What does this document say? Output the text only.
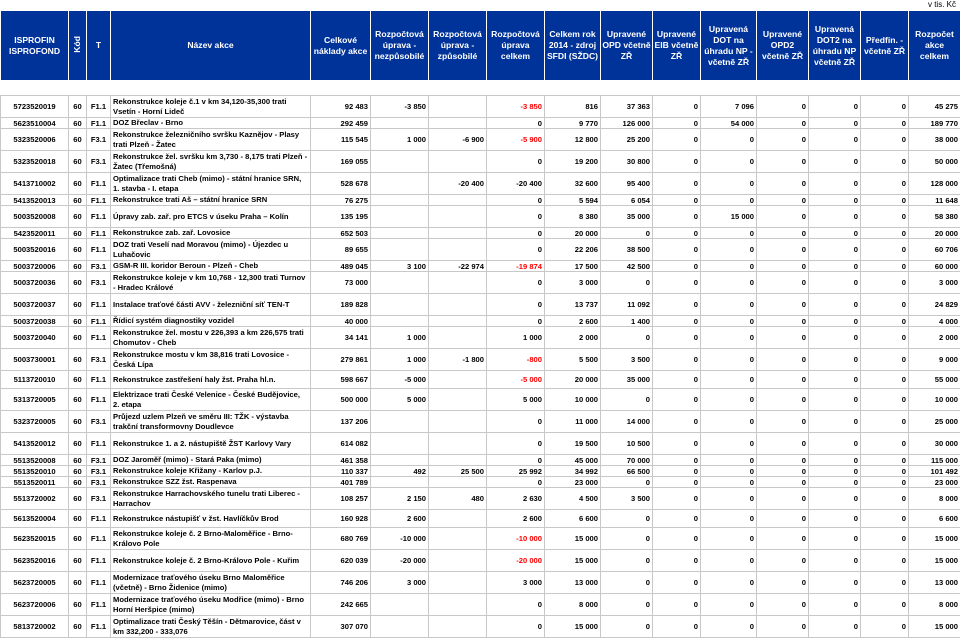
v tis. Kč
ISPROFIN ISPROFOND	Kód	T	Název akce	Celkové náklady akce	Rozpočtová úprava - nezpůsobilé	Rozpočtová úprava - způsobilé	Rozpočtová úprava celkem	Celkem rok 2014 - zdroj SFDI (SŽDC)	Upravené OPD včetně ZŘ	Upravené EIB včetně ZŘ	Upravená DOT na úhradu NP - včetně ZŘ	Upravené OPD2 včetně ZŘ	Upravená DOT2 na úhradu NP včetně ZŘ	Předfin. - včetně ZŘ	Rozpočet akce celkem

5723520019	60	F1.1	Rekonstrukce koleje č.1 v km 34,120-35,300 trati Vsetín - Horní Lideč	92 483	-3 850		-3 850	816	37 363	0	7 096	0	0	0	45 275
5623510004	60	F1.1	DOZ Břeclav - Brno	292 459			0	9 770	126 000	0	54 000	0	0	0	189 770
5323520006	60	F3.1	Rekonstrukce železničního svršku Kaznějov - Plasy trati Plzeň - Žatec	115 545	1 000	-6 900	-5 900	12 800	25 200	0	0	0	0	0	38 000
5323520018	60	F3.1	Rekonstrukce žel. svršku km 3,730 - 8,175 trati Plzeň - Žatec (Třemošná)	169 055			0	19 200	30 800	0	0	0	0	0	50 000
5413710002	60	F1.1	Optimalizace trati Cheb (mimo) - státní hranice SRN, 1. stavba - I. etapa	528 678		-20 400	-20 400	32 600	95 400	0	0	0	0	0	128 000
5413520013	60	F1.1	Rekonstrukce trati Aš – státní hranice SRN	76 275			0	5 594	6 054	0	0	0	0	0	11 648
5003520008	60	F1.1	Úpravy zab. zař. pro ETCS v úseku Praha – Kolín	135 195			0	8 380	35 000	0	15 000	0	0	0	58 380
5423520011	60	F1.1	Rekonstrukce zab. zař. Lovosice	652 503			0	20 000	0	0	0	0	0	0	20 000
5003520016	60	F1.1	DOZ trati Veselí nad Moravou (mimo) - Újezdec u Luhačovic	89 655			0	22 206	38 500	0	0	0	0	0	60 706
5003720006	60	F3.1	GSM-R III. koridor Beroun - Plzeň - Cheb	489 045	3 100	-22 974	-19 874	17 500	42 500	0	0	0	0	0	60 000
5003720036	60	F3.1	Rekonstrukce koleje v km 10,768 - 12,300 trati Turnov - Hradec Králové	73 000			0	3 000	0	0	0	0	0	0	3 000
5003720037	60	F1.1	Instalace traťové části AVV - železniční síť TEN-T	189 828			0	13 737	11 092	0	0	0	0	0	24 829
5003720038	60	F1.1	Řídicí systém diagnostiky vozidel	40 000			0	2 600	1 400	0	0	0	0	0	4 000
5003720040	60	F1.1	Rekonstrukce žel. mostu v 226,393 a km 226,575 trati Chomutov - Cheb	34 141	1 000		1 000	2 000	0	0	0	0	0	0	2 000
5003730001	60	F3.1	Rekonstrukce mostu v km 38,816 trati Lovosice - Česká Lípa	279 861	1 000	-1 800	-800	5 500	3 500	0	0	0	0	0	9 000
5113720010	60	F1.1	Rekonstrukce zastřešení haly žst. Praha hl.n.	598 667	-5 000		-5 000	20 000	35 000	0	0	0	0	0	55 000
5313720005	60	F1.1	Elektrizace trati České Velenice - České Budějovice, 2. etapa	500 000	5 000		5 000	10 000	0	0	0	0	0	0	10 000
5323720005	60	F3.1	Průjezd uzlem Plzeň ve směru III: TŽK - výstavba trakční transformovny Doudlevce	137 206			0	11 000	14 000	0	0	0	0	0	25 000
5413520012	60	F1.1	Rekonstrukce 1. a 2. nástupiště ŽST Karlovy Vary	614 082			0	19 500	10 500	0	0	0	0	0	30 000
5513520008	60	F3.1	DOZ Jaroměř (mimo) - Stará Paka (mimo)	461 358			0	45 000	70 000	0	0	0	0	0	115 000
5513520010	60	F3.1	Rekonstrukce koleje Křižany - Karlov p.J.	110 337	492	25 500	25 992	34 992	66 500	0	0	0	0	0	101 492
5513520011	60	F3.1	Rekonstrukce SZZ žst. Raspenava	401 789			0	23 000	0	0	0	0	0	0	23 000
5513720002	60	F3.1	Rekonstrukce Harrachovského tunelu trati Liberec - Harrachov	108 257	2 150	480	2 630	4 500	3 500	0	0	0	0	0	8 000
5613520004	60	F1.1	Rekonstrukce nástupišť v žst. Havlíčkův Brod	160 928	2 600		2 600	6 600	0	0	0	0	0	0	6 600
5623520015	60	F1.1	Rekonstrukce koleje č. 2 Brno-Maloměřice - Brno-Královo Pole	680 769	-10 000		-10 000	15 000	0	0	0	0	0	0	15 000
5623520016	60	F1.1	Rekonstrukce koleje č. 2 Brno-Královo Pole - Kuřim	620 039	-20 000		-20 000	15 000	0	0	0	0	0	0	15 000
5623720005	60	F1.1	Modernizace traťového úseku Brno Maloměřice (včetně) - Brno Židenice (mimo)	746 206	3 000		3 000	13 000	0	0	0	0	0	0	13 000
5623720006	60	F1.1	Modernizace traťového úseku Modřice (mimo) - Brno Horní Heršpice (mimo)	242 665			0	8 000	0	0	0	0	0	0	8 000
5813720002	60	F1.1	Optimalizace trati Český Těšín - Dětmarovice, část v km 332,200 - 333,076	307 070			0	15 000	0	0	0	0	0	0	15 000
